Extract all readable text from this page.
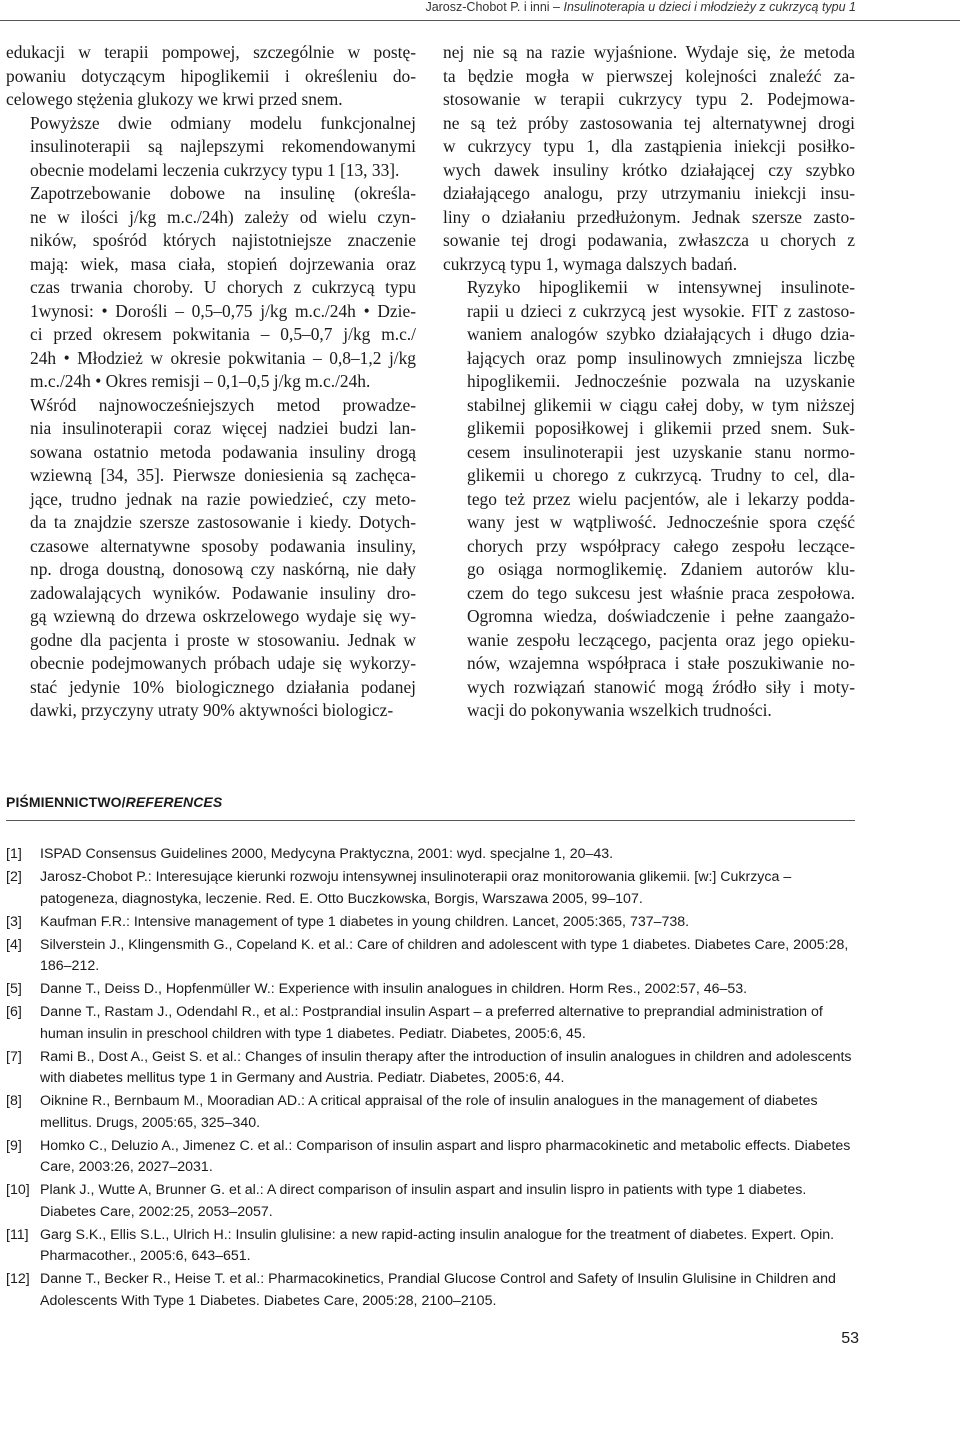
Jarosz-Chobot P. i inni – Insulinoterapia u dzieci i młodzieży z cukrzycą typu 1

edukacji w terapii pompowej, szczególnie w postę-
powaniu dotyczącym hipoglikemii i określeniu do-
celowego stężenia glukozy we krwi przed snem.

Powyższe dwie odmiany modelu funkcjonalnej
insulinoterapii są najlepszymi rekomendowanymi
obecnie modelami leczenia cukrzycy typu 1 [13, 33].

Zapotrzebowanie dobowe na insulinę (określa-
ne w ilości j/kg m.c./24h) zależy od wielu czyn-
ników, spośród których najistotniejsze znaczenie
mają: wiek, masa ciała, stopień dojrzewania oraz
czas trwania choroby. U chorych z cukrzycą typu
1wynosi: • Dorośli – 0,5–0,75 j/kg m.c./24h • Dzie-
ci przed okresem pokwitania – 0,5–0,7 j/kg m.c./
24h • Młodzież w okresie pokwitania – 0,8–1,2 j/kg
m.c./24h • Okres remisji – 0,1–0,5 j/kg m.c./24h.

Wśród najnowocześniejszych metod prowadze-
nia insulinoterapii coraz więcej nadziei budzi lan-
sowana ostatnio metoda podawania insuliny drogą
wziewną [34, 35]. Pierwsze doniesienia są zachęca-
jące, trudno jednak na razie powiedzieć, czy meto-
da ta znajdzie szersze zastosowanie i kiedy. Dotych-
czasowe alternatywne sposoby podawania insuliny,
np. droga doustną, donosową czy naskórną, nie dały
zadowalających wyników. Podawanie insuliny dro-
gą wziewną do drzewa oskrzelowego wydaje się wy-
godne dla pacjenta i proste w stosowaniu. Jednak w
obecnie podejmowanych próbach udaje się wykorzy-
stać jedynie 10% biologicznego działania podanej
dawki, przyczyny utraty 90% aktywności biologicz-

nej nie są na razie wyjaśnione. Wydaje się, że metoda
ta będzie mogła w pierwszej kolejności znaleźć za-
stosowanie w terapii cukrzycy typu 2. Podejmowa-
ne są też próby zastosowania tej alternatywnej drogi
w cukrzycy typu 1, dla zastąpienia iniekcji posiłko-
wych dawek insuliny krótko działającej czy szybko
działającego analogu, przy utrzymaniu iniekcji insu-
liny o działaniu przedłużonym. Jednak szersze zasto-
sowanie tej drogi podawania, zwłaszcza u chorych z
cukrzycą typu 1, wymaga dalszych badań.

Ryzyko hipoglikemii w intensywnej insulinote-
rapii u dzieci z cukrzycą jest wysokie. FIT z zastoso-
waniem analogów szybko działających i długo dzia-
łających oraz pomp insulinowych zmniejsza liczbę
hipoglikemii. Jednocześnie pozwala na uzyskanie
stabilnej glikemii w ciągu całej doby, w tym niższej
glikemii poposiłkowej i glikemii przed snem. Suk-
cesem insulinoterapii jest uzyskanie stanu normo-
glikemii u chorego z cukrzycą. Trudny to cel, dla-
tego też przez wielu pacjentów, ale i lekarzy podda-
wany jest w wątpliwość. Jednocześnie spora część
chorych przy współpracy całego zespołu leczące-
go osiąga normoglikemię. Zdaniem autorów klu-
czem do tego sukcesu jest właśnie praca zespołowa.
Ogromna wiedza, doświadczenie i pełne zaangażo-
wanie zespołu leczącego, pacjenta oraz jego opieku-
nów, wzajemna współpraca i stałe poszukiwanie no-
wych rozwiązań stanowić mogą źródło siły i moty-
wacji do pokonywania wszelkich trudności.

PIŚMIENNICTWO/REFERENCES
[1] ISPAD Consensus Guidelines 2000, Medycyna Praktyczna, 2001: wyd. specjalne 1, 20–43.
[2] Jarosz-Chobot P.: Interesujące kierunki rozwoju intensywnej insulinoterapii oraz monitorowania glikemii. [w:] Cukrzyca – patogeneza, diagnostyka, leczenie. Red. E. Otto Buczkowska, Borgis, Warszawa 2005, 99–107.
[3] Kaufman F.R.: Intensive management of type 1 diabetes in young children. Lancet, 2005:365, 737–738.
[4] Silverstein J., Klingensmith G., Copeland K. et al.: Care of children and adolescent with type 1 diabetes. Diabetes Care, 2005:28, 186–212.
[5] Danne T., Deiss D., Hopfenmüller W.: Experience with insulin analogues in children. Horm Res., 2002:57, 46–53.
[6] Danne T., Rastam J., Odendahl R., et al.: Postprandial insulin Aspart – a preferred alternative to preprandial administration of human insulin in preschool children with type 1 diabetes. Pediatr. Diabetes, 2005:6, 45.
[7] Rami B., Dost A., Geist S. et al.: Changes of insulin therapy after the introduction of insulin analogues in children and adolescents with diabetes mellitus type 1 in Germany and Austria. Pediatr. Diabetes, 2005:6, 44.
[8] Oiknine R., Bernbaum M., Mooradian AD.: A critical appraisal of the role of insulin analogues in the management of diabetes mellitus. Drugs, 2005:65, 325–340.
[9] Homko C., Deluzio A., Jimenez C. et al.: Comparison of insulin aspart and lispro pharmacokinetic and metabolic effects. Diabetes Care, 2003:26, 2027–2031.
[10] Plank J., Wutte A, Brunner G. et al.: A direct comparison of insulin aspart and insulin lispro in patients with type 1 diabetes. Diabetes Care, 2002:25, 2053–2057.
[11] Garg S.K., Ellis S.L., Ulrich H.: Insulin glulisine: a new rapid-acting insulin analogue for the treatment of diabetes. Expert. Opin. Pharmacother., 2005:6, 643–651.
[12] Danne T., Becker R., Heise T. et al.: Pharmacokinetics, Prandial Glucose Control and Safety of Insulin Glulisine in Children and Adolescents With Type 1 Diabetes. Diabetes Care, 2005:28, 2100–2105.
53
